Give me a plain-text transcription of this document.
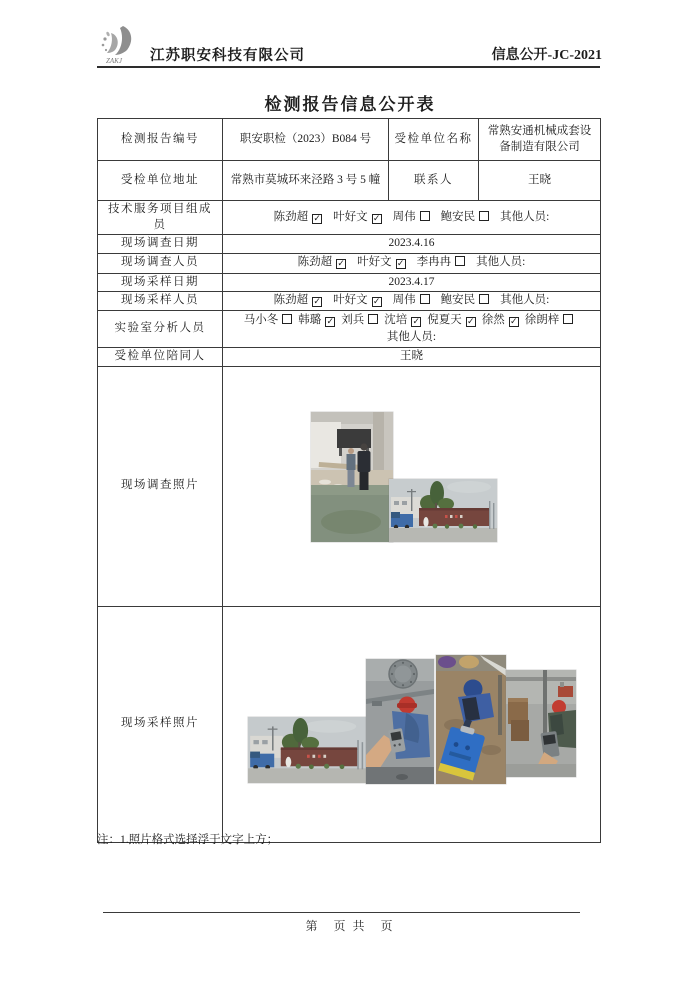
ZAKJ 江苏职安科技有限公司	信息公开-JC-2021
检测报告信息公开表
检测报告编号	职安职检（2023）B084 号	受检单位名称	常熟安通机械成套设备制造有限公司
受检单位地址	常熟市莫城环来泾路 3 号 5 幢	联系人	王晓
技术服务项目组成员	陈劲超 ✓ 叶好文 ✓ 周伟 鲍安民 其他人员:		
现场调查日期	2023.4.16		
现场调查人员	陈劲超 ✓ 叶好文 ✓ 李冉冉 其他人员:		
现场采样日期	2023.4.17		
现场采样人员	陈劲超 ✓ 叶好文 ✓ 周伟 鲍安民 其他人员:		
实验室分析人员	马小冬 韩璐 ✓ 刘兵 沈培 ✓ 倪夏天 ✓ 徐然 ✓ 徐朗梓
其他人员:		

受检单位陪同人	王晓		
现场调查照片	

现场采样照片	
注：1.照片格式选择浮于文字上方；
第　页 共　页
